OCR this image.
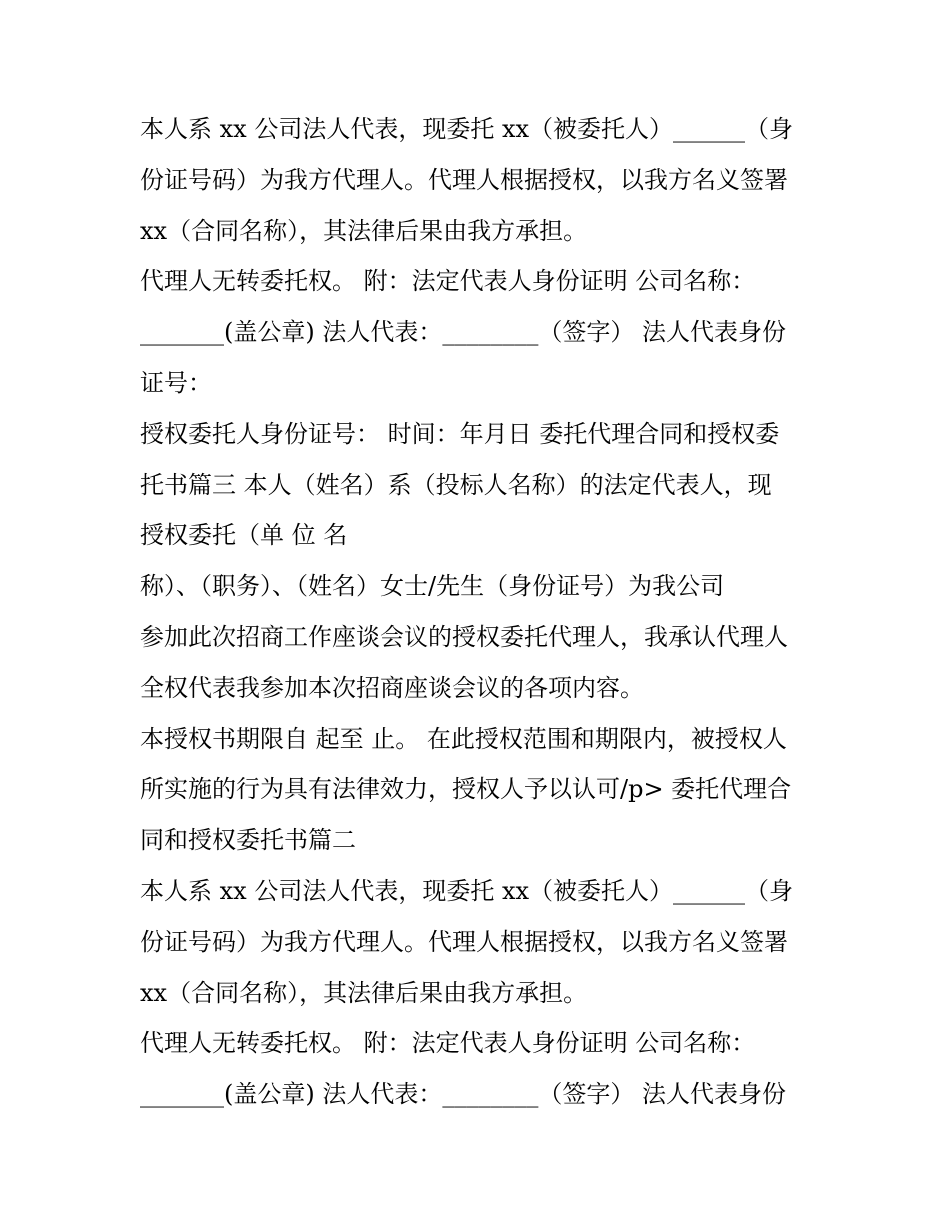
本人系 xx 公司法人代表，现委托 xx（被委托人）______（身
份证号码）为我方代理人。代理人根据授权，以我方名义签署
xx（合同名称），其法律后果由我方承担。
代理人无转委托权。 附：法定代表人身份证明 公司名称：
_______(盖公章) 法人代表：________（签字） 法人代表身份
证号：
授权委托人身份证号： 时间：年月日 委托代理合同和授权委
托书篇三 本人（姓名）系（投标人名称）的法定代表人，现
授权委托（单 位 名
称）、（职务）、（姓名）女士/先生（身份证号）为我公司
参加此次招商工作座谈会议的授权委托代理人，我承认代理人
全权代表我参加本次招商座谈会议的各项内容。
本授权书期限自 起至 止。 在此授权范围和期限内，被授权人
所实施的行为具有法律效力，授权人予以认可/p> 委托代理合
同和授权委托书篇二
本人系 xx 公司法人代表，现委托 xx（被委托人）______（身
份证号码）为我方代理人。代理人根据授权，以我方名义签署
xx（合同名称），其法律后果由我方承担。
代理人无转委托权。 附：法定代表人身份证明 公司名称：
_______(盖公章) 法人代表：________（签字） 法人代表身份
